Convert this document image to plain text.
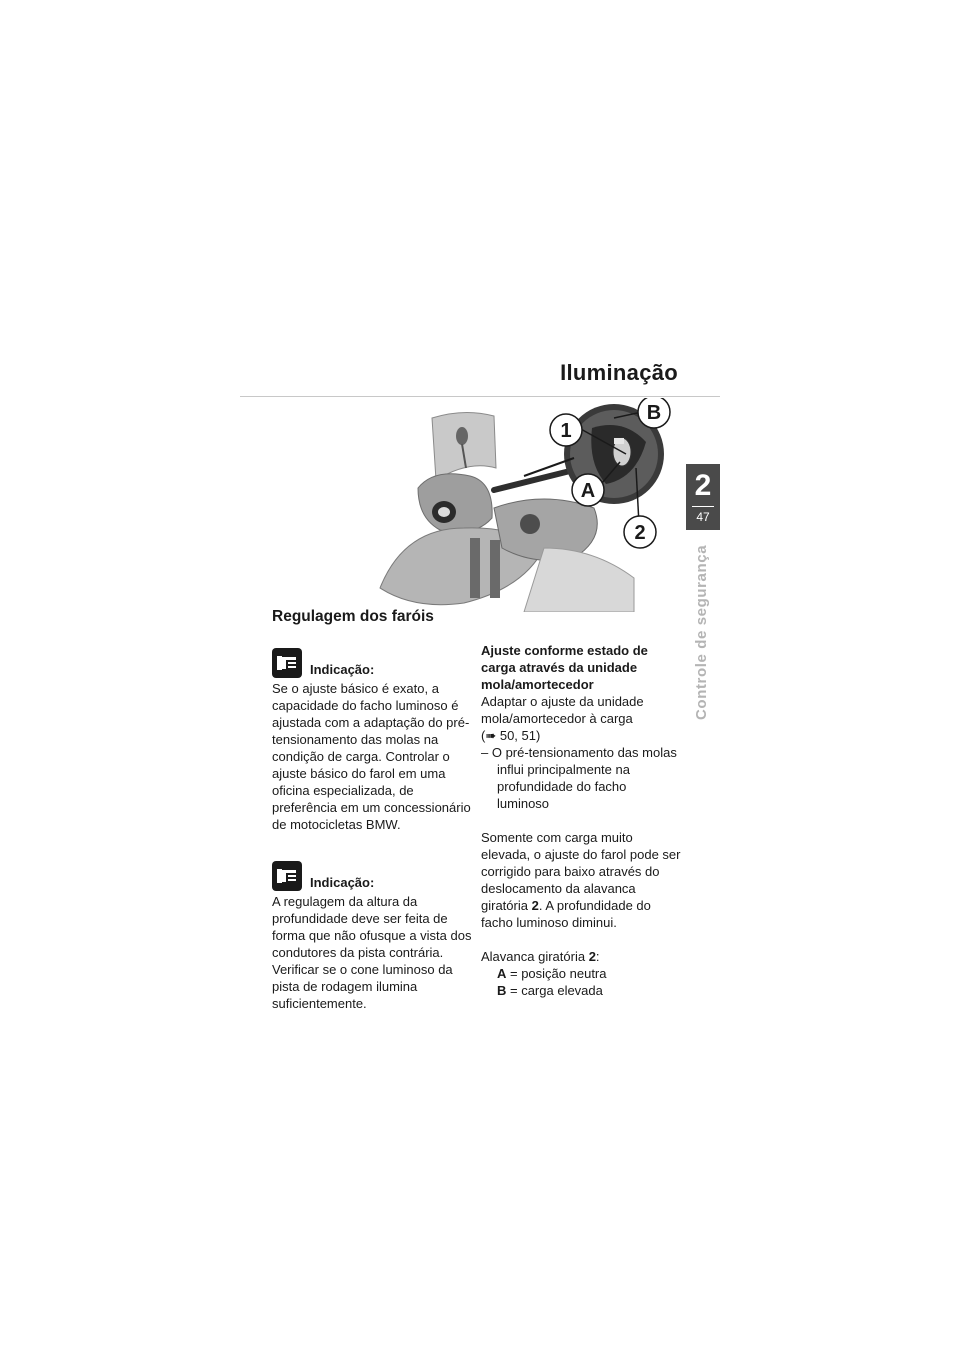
Iluminação
2
47
Controle de segurança
1
B
A
2
Regulagem dos faróis
Indicação:
Se o ajuste básico é exato, a capacidade do facho luminoso é ajustada com a adaptação do pré-tensionamento das molas na condição de carga. Controlar o ajuste básico do farol em uma oficina especializada, de preferência em um concessionário de motocicletas BMW.
Indicação:
A regulagem da altura da profundidade deve ser feita de forma que não ofusque a vista dos condutores da pista contrária. Verificar se o cone luminoso da pista de rodagem ilumina suficientemente.
Ajuste conforme estado de carga através da unidade mola/amortecedor
Adaptar o ajuste da unidade mola/amortecedor à carga
(➠ 50, 51)
– O pré-tensionamento das molas influi principalmente na profundidade do facho luminoso
Somente com carga muito elevada, o ajuste do farol pode ser corrigido para baixo através do deslocamento da alavanca giratória 2. A profundidade do facho luminoso diminui.
Alavanca giratória 2:
A = posição neutra
B = carga elevada
